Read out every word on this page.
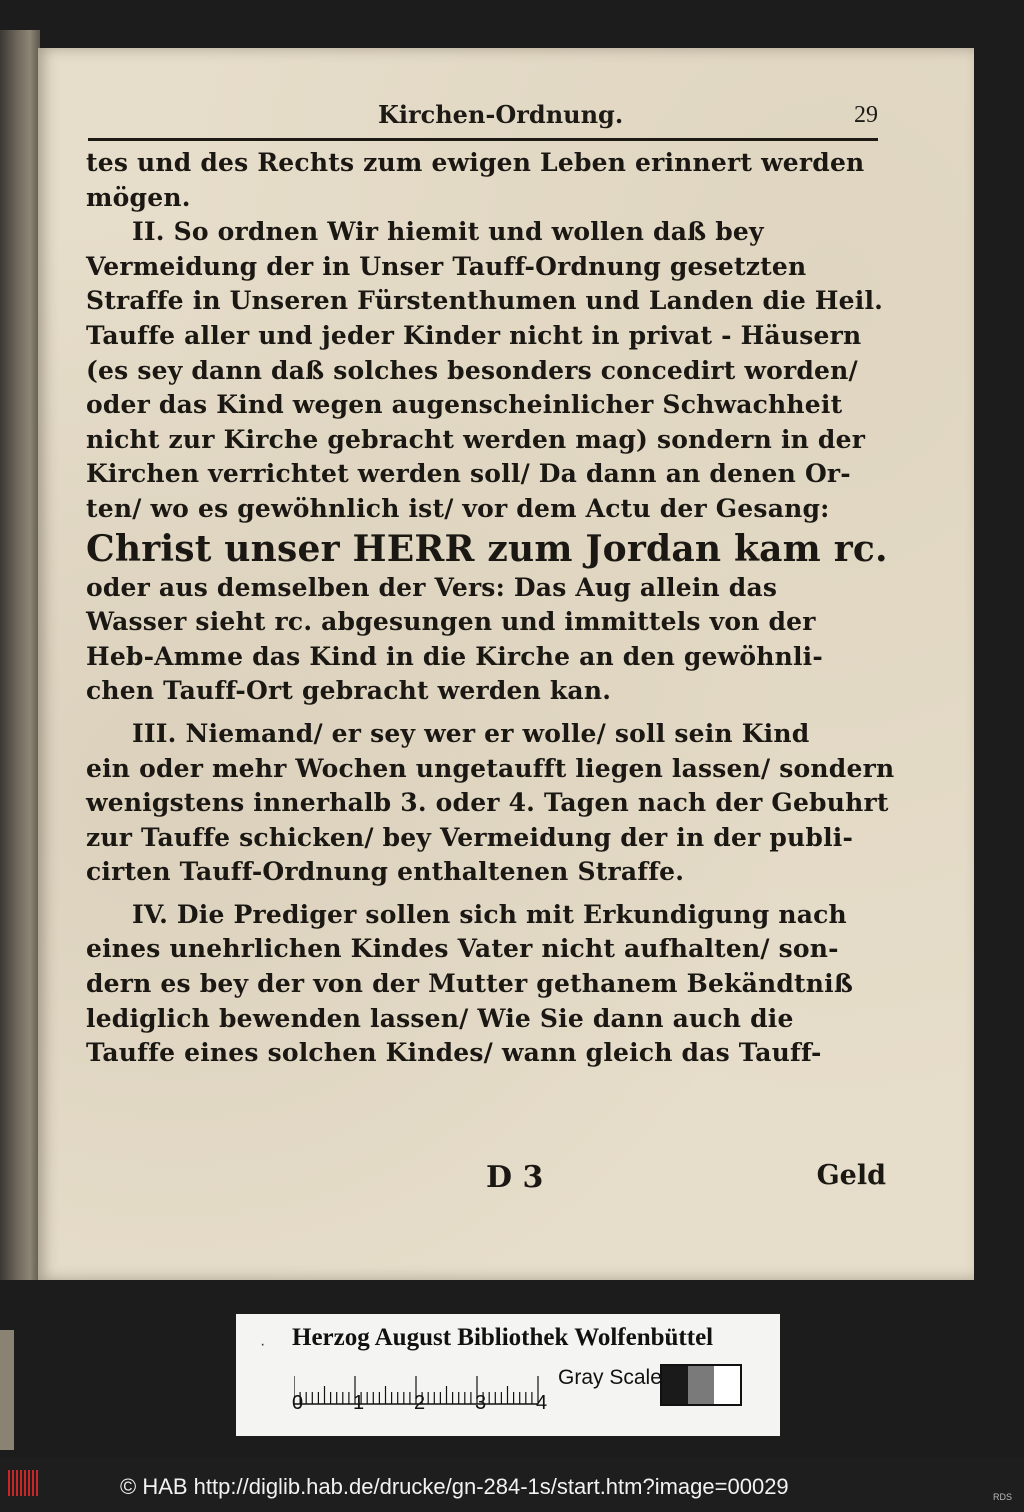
Kirchen-Ordnung.	29
tes und des Rechts zum ewigen Leben erinnert werden
mögen.
II. So ordnen Wir hiemit und wollen daß bey
Vermeidung der in Unser Tauff-Ordnung gesetzten
Straffe in Unseren Fürstenthumen und Landen die Heil.
Tauffe aller und jeder Kinder nicht in privat - Häusern
(es sey dann daß solches besonders concedirt worden/
oder das Kind wegen augenscheinlicher Schwachheit
nicht zur Kirche gebracht werden mag) sondern in der
Kirchen verrichtet werden soll/ Da dann an denen Or-
ten/ wo es gewöhnlich ist/ vor dem Actu der Gesang:
Christ unser HERR zum Jordan kam rc.
oder aus demselben der Vers: Das Aug allein das
Wasser sieht rc. abgesungen und immittels von der
Heb-Amme das Kind in die Kirche an den gewöhnli-
chen Tauff-Ort gebracht werden kan.
III. Niemand/ er sey wer er wolle/ soll sein Kind
ein oder mehr Wochen ungetaufft liegen lassen/ sondern
wenigstens innerhalb 3. oder 4. Tagen nach der Gebuhrt
zur Tauffe schicken/ bey Vermeidung der in der publi-
cirten Tauff-Ordnung enthaltenen Straffe.
IV. Die Prediger sollen sich mit Erkundigung nach
eines unehrlichen Kindes Vater nicht aufhalten/ son-
dern es bey der von der Mutter gethanem Bekändtniß
lediglich bewenden lassen/ Wie Sie dann auch die
Tauffe eines solchen Kindes/ wann gleich das Tauff-
D 3	Geld
· Herzog August Bibliothek Wolfenbüttel
0 1 2 3 4
Gray Scale
© HAB http://diglib.hab.de/drucke/gn-284-1s/start.htm?image=00029	RDS
